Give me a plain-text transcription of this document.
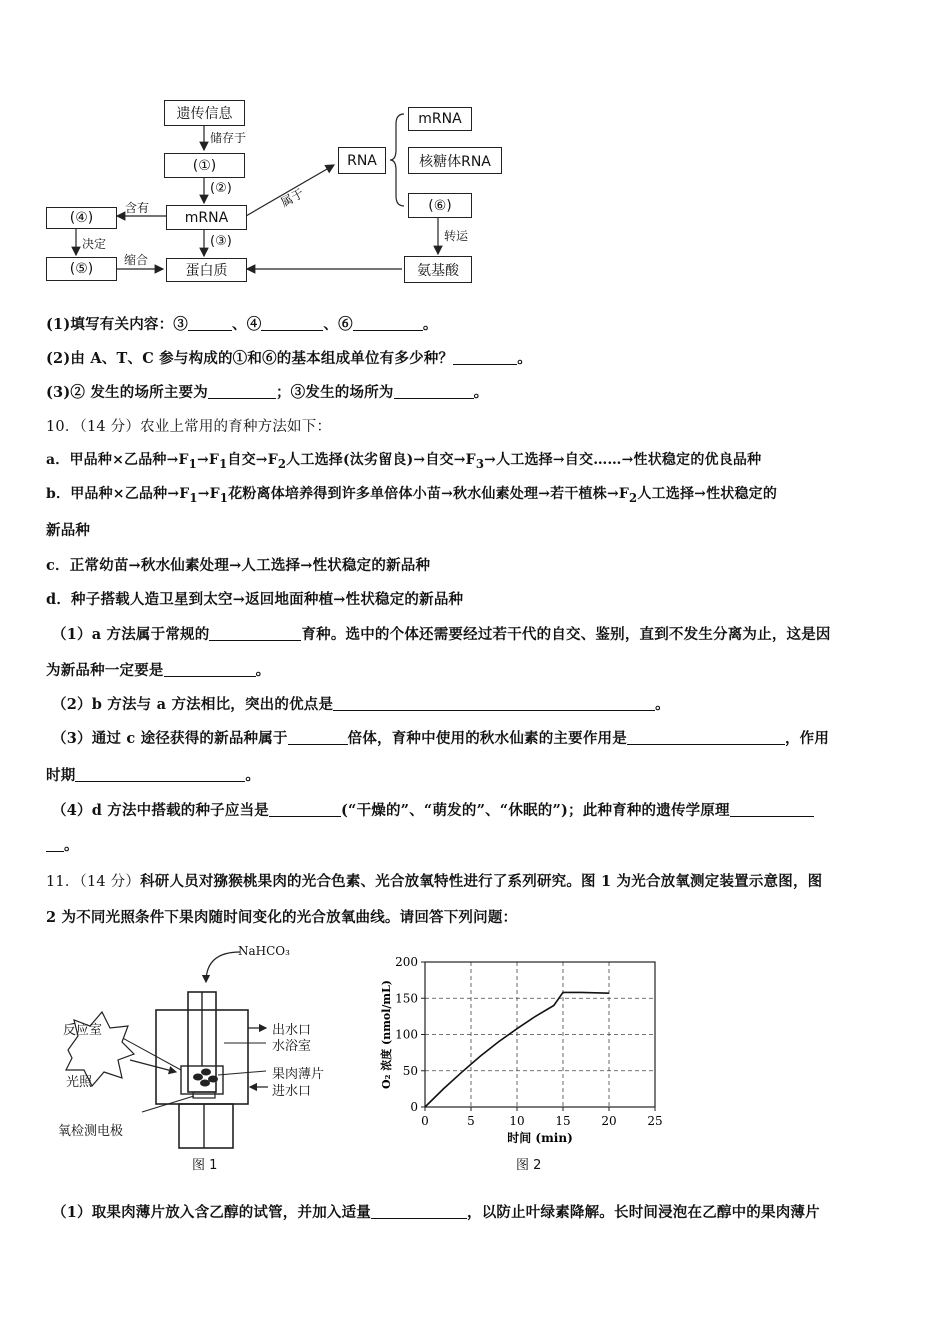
遗传信息
储存于
(①)
(②)
mRNA
含有
(④)
决定
(⑤)
缩合
(③)
蛋白质
属于
RNA
mRNA
核糖体RNA
(⑥)
转运
氨基酸
(1)填写有关内容：③	、④	、⑥	。
(2)由 A、T、C 参与构成的①和⑥的基本组成单位有多少种？	。
(3)② 发生的场所主要为	；③发生的场所为	。
10．（14 分）农业上常用的育种方法如下：
a．甲品种×乙品种$\to F_1\to F_1$自交$\to F_2$人工选择(汰劣留良)→自交$\to F_3\to$人工选择→自交……→性状稳定的优良品种
b．甲品种×乙品种$\to F_1\to F_1$花粉离体培养得到许多单倍体小苗→秋水仙素处理→若干植株$\to F_2$人工选择→性状稳定的
新品种
c．正常幼苗→秋水仙素处理→人工选择→性状稳定的新品种
d．种子搭载人造卫星到太空→返回地面种植→性状稳定的新品种
（1）a 方法属于常规的	育种。选中的个体还需要经过若干代的自交、鉴别，直到不发生分离为止，这是因
为新品种一定要是	。
（2）b 方法与 a 方法相比，突出的优点是	。
（3）通过 c 途径获得的新品种属于	倍体，育种中使用的秋水仙素的主要作用是	，作用
时期	。
（4）d 方法中搭载的种子应当是	(“干燥的”、“萌发的”、“休眠的”)；此种育种的遗传学原理
。
11．（14 分）科研人员对猕猴桃果肉的光合色素、光合放氧特性进行了系列研究。图 1 为光合放氧测定装置示意图，图
2 为不同光照条件下果肉随时间变化的光合放氧曲线。请回答下列问题：
NaHCO₃
反应室
光照
出水口
水浴室
果肉薄片
进水口
氧检测电极
图 1
0
50
100
150
200
0	5	10	15	20	25
时间 (min)
O₂ 浓度 (nmol/mL)
图 2
（1）取果肉薄片放入含乙醇的试管，并加入适量	，以防止叶绿素降解。长时间浸泡在乙醇中的果肉薄片
